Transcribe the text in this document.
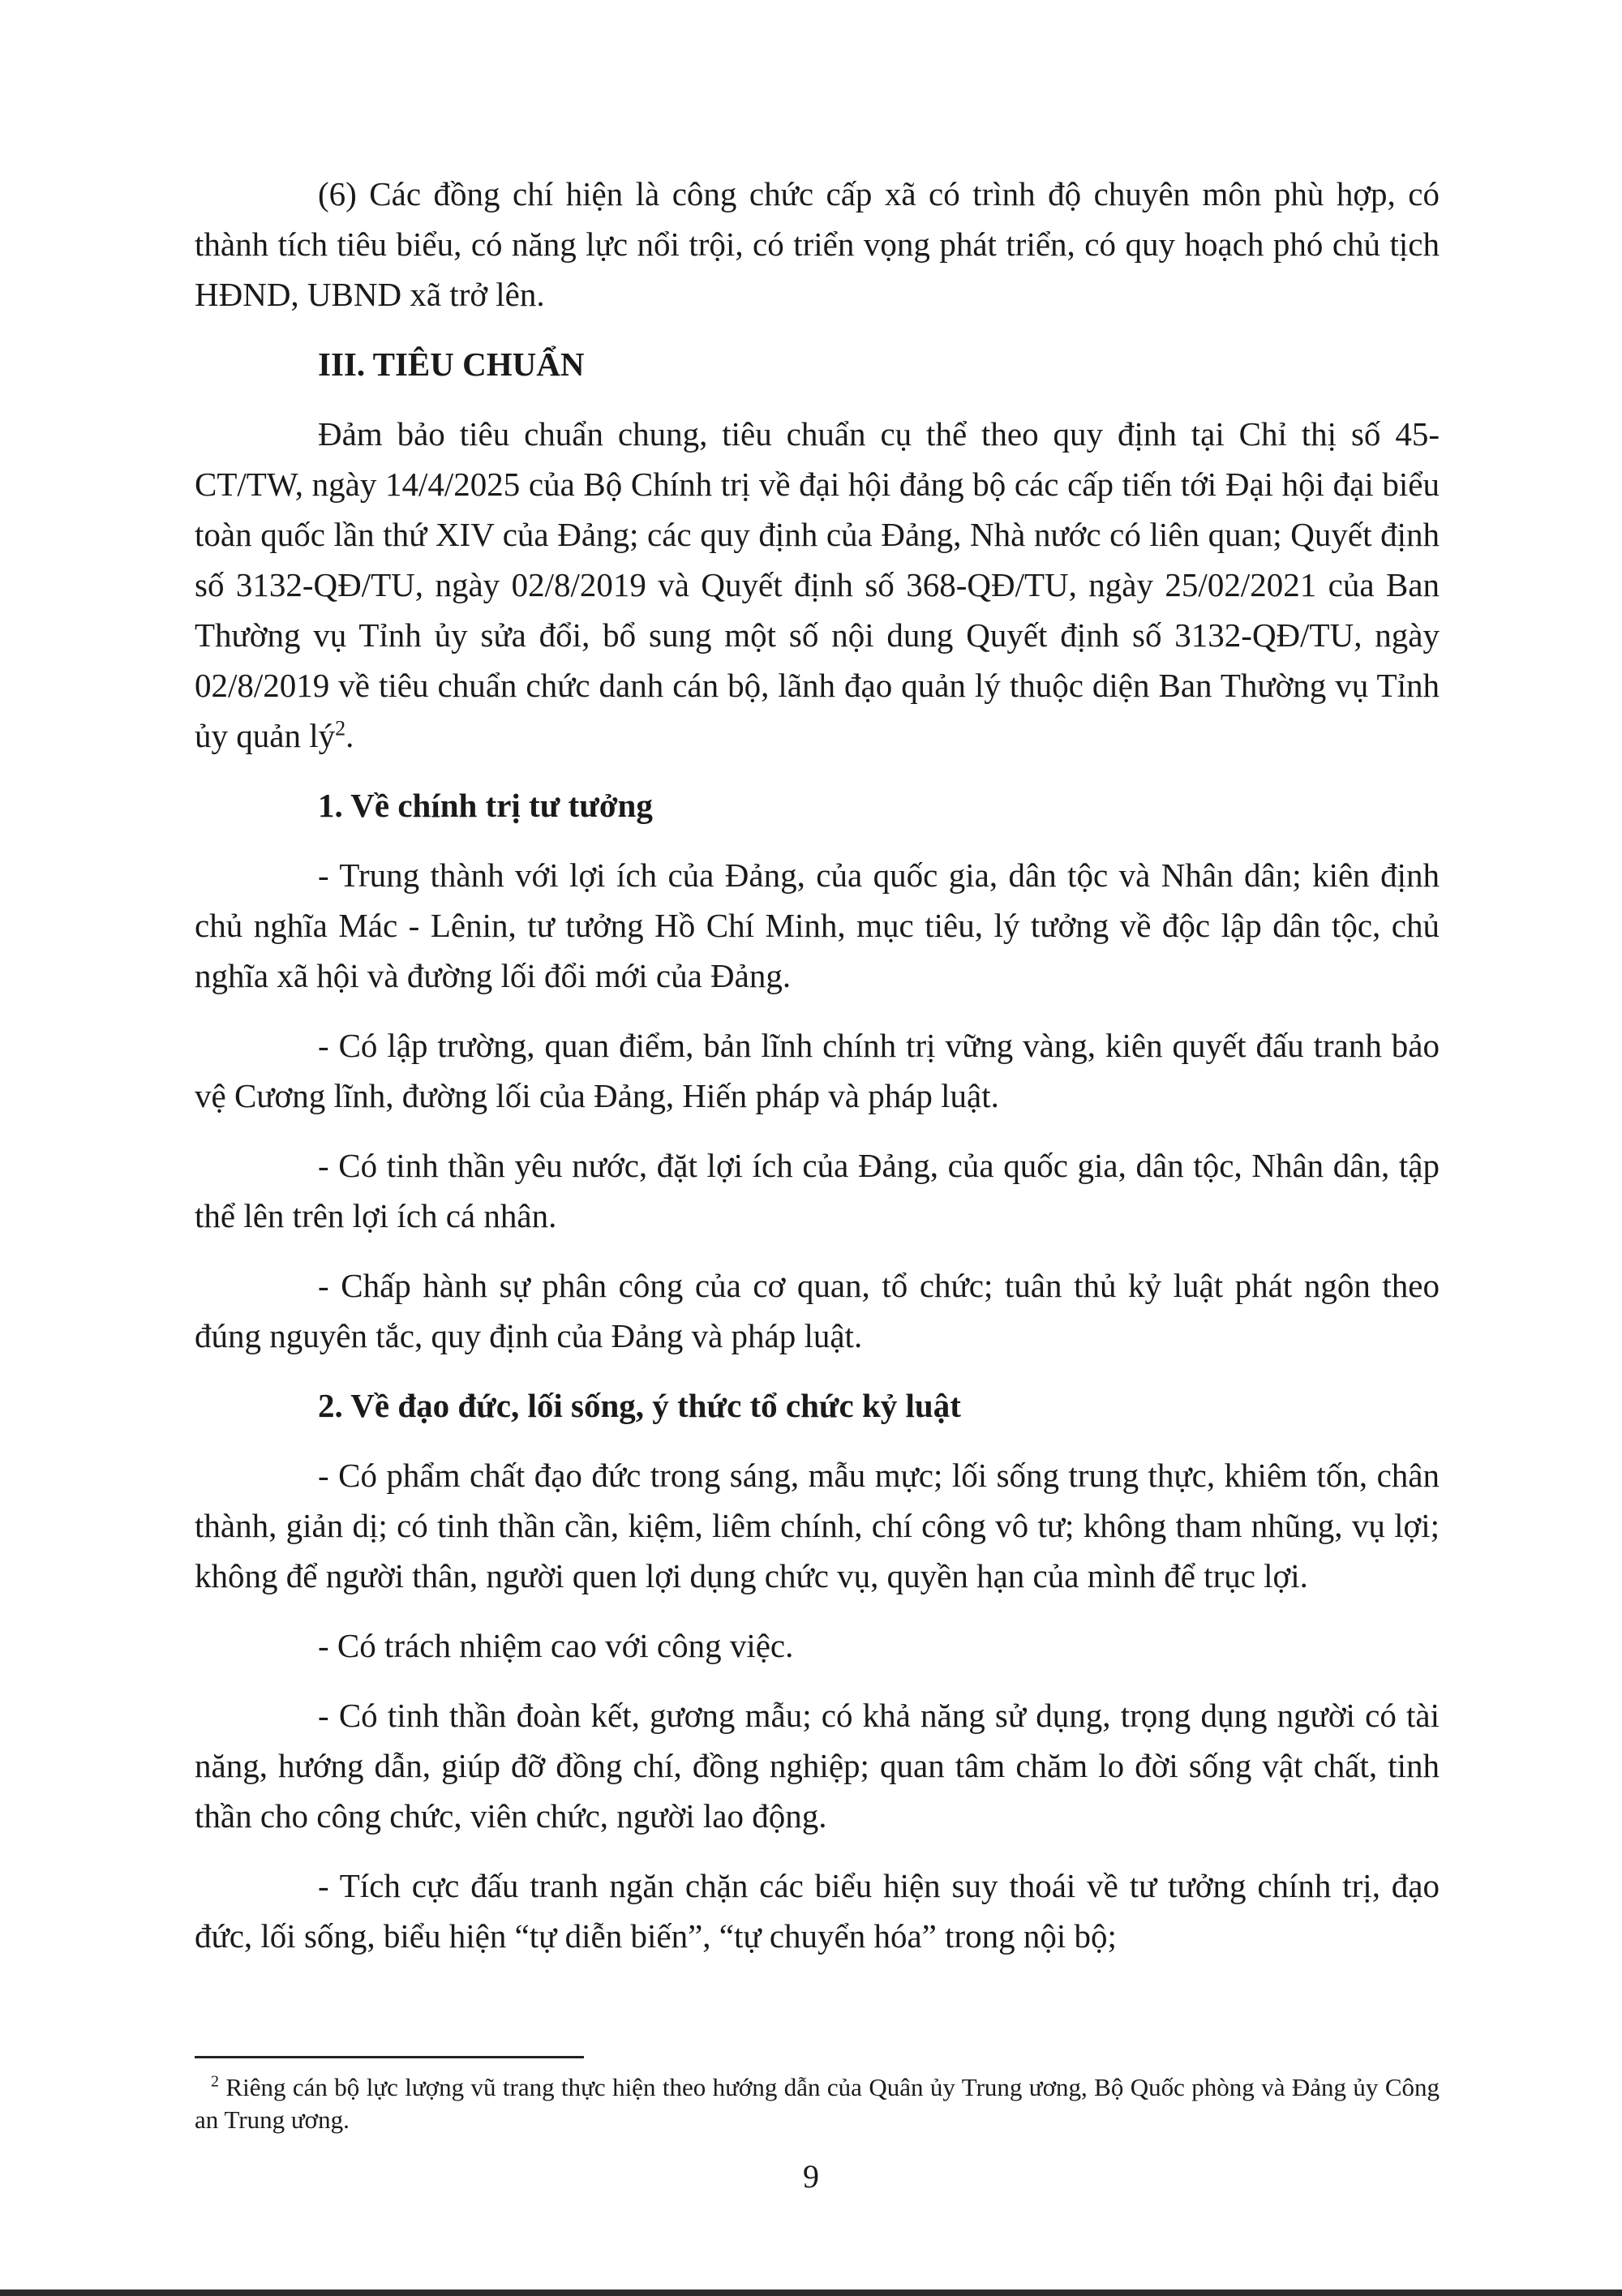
(6) Các đồng chí hiện là công chức cấp xã có trình độ chuyên môn phù hợp, có thành tích tiêu biểu, có năng lực nổi trội, có triển vọng phát triển, có quy hoạch phó chủ tịch HĐND, UBND xã trở lên.

III. TIÊU CHUẨN

Đảm bảo tiêu chuẩn chung, tiêu chuẩn cụ thể theo quy định tại Chỉ thị số 45-CT/TW, ngày 14/4/2025 của Bộ Chính trị về đại hội đảng bộ các cấp tiến tới Đại hội đại biểu toàn quốc lần thứ XIV của Đảng; các quy định của Đảng, Nhà nước có liên quan; Quyết định số 3132-QĐ/TU, ngày 02/8/2019 và Quyết định số 368-QĐ/TU, ngày 25/02/2021 của Ban Thường vụ Tỉnh ủy sửa đổi, bổ sung một số nội dung Quyết định số 3132-QĐ/TU, ngày 02/8/2019 về tiêu chuẩn chức danh cán bộ, lãnh đạo quản lý thuộc diện Ban Thường vụ Tỉnh ủy quản $lý^2$.

1. Về chính trị tư tưởng

- Trung thành với lợi ích của Đảng, của quốc gia, dân tộc và Nhân dân; kiên định chủ nghĩa Mác - Lênin, tư tưởng Hồ Chí Minh, mục tiêu, lý tưởng về độc lập dân tộc, chủ nghĩa xã hội và đường lối đổi mới của Đảng.

- Có lập trường, quan điểm, bản lĩnh chính trị vững vàng, kiên quyết đấu tranh bảo vệ Cương lĩnh, đường lối của Đảng, Hiến pháp và pháp luật.

- Có tinh thần yêu nước, đặt lợi ích của Đảng, của quốc gia, dân tộc, Nhân dân, tập thể lên trên lợi ích cá nhân.

- Chấp hành sự phân công của cơ quan, tổ chức; tuân thủ kỷ luật phát ngôn theo đúng nguyên tắc, quy định của Đảng và pháp luật.

2. Về đạo đức, lối sống, ý thức tổ chức kỷ luật

- Có phẩm chất đạo đức trong sáng, mẫu mực; lối sống trung thực, khiêm tốn, chân thành, giản dị; có tinh thần cần, kiệm, liêm chính, chí công vô tư; không tham nhũng, vụ lợi; không để người thân, người quen lợi dụng chức vụ, quyền hạn của mình để trục lợi.

- Có trách nhiệm cao với công việc.

- Có tinh thần đoàn kết, gương mẫu; có khả năng sử dụng, trọng dụng người có tài năng, hướng dẫn, giúp đỡ đồng chí, đồng nghiệp; quan tâm chăm lo đời sống vật chất, tinh thần cho công chức, viên chức, người lao động.

- Tích cực đấu tranh ngăn chặn các biểu hiện suy thoái về tư tưởng chính trị, đạo đức, lối sống, biểu hiện “tự diễn biến”, “tự chuyển hóa” trong nội bộ;

$^2$ Riêng cán bộ lực lượng vũ trang thực hiện theo hướng dẫn của Quân ủy Trung ương, Bộ Quốc phòng và Đảng ủy Công an Trung ương.
9
